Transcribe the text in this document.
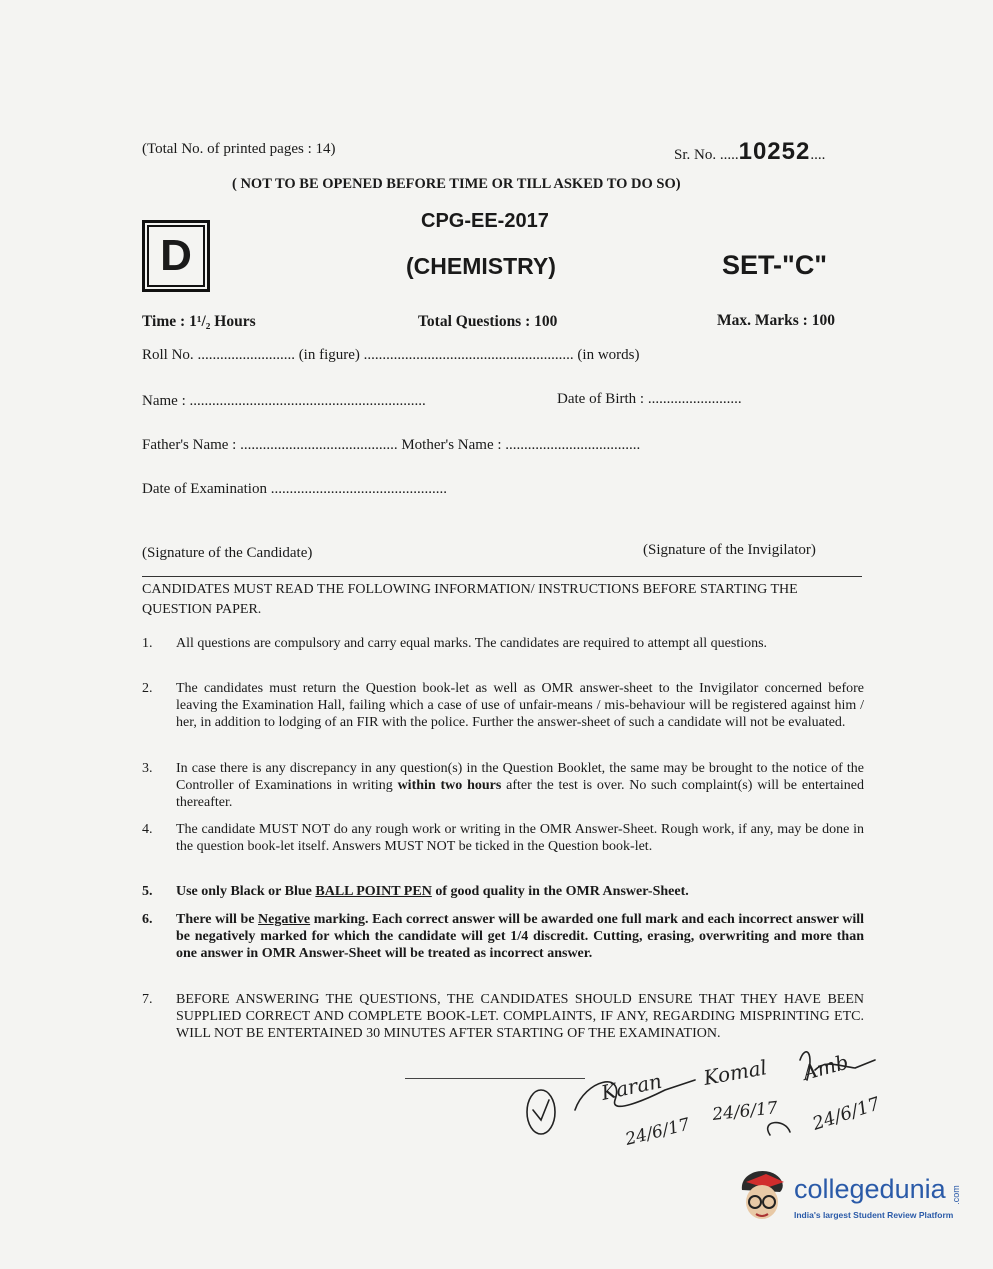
(Total No. of printed pages : 14)	Sr. No. .....10252....
( NOT TO BE OPENED BEFORE TIME OR TILL ASKED TO DO SO)
CPG-EE-2017
D	(CHEMISTRY)	SET-"C"
Time : 1¹/₂ Hours	Total Questions : 100	Max. Marks : 100
Roll No. .......................... (in figure) ........................................................ (in words)
Name : ...............................................................	Date of Birth : .........................
Father's Name : .......................................... Mother's Name : ....................................
Date of Examination ...............................................
(Signature of the Candidate)	(Signature of the Invigilator)
CANDIDATES MUST READ THE FOLLOWING INFORMATION/ INSTRUCTIONS BEFORE STARTING THE QUESTION PAPER.
1.	All questions are compulsory and carry equal marks. The candidates are required to attempt all questions.
2.	The candidates must return the Question book-let as well as OMR answer-sheet to the Invigilator concerned before leaving the Examination Hall, failing which a case of use of unfair-means / mis-behaviour will be registered against him / her, in addition to lodging of an FIR with the police. Further the answer-sheet of such a candidate will not be evaluated.
3.	In case there is any discrepancy in any question(s) in the Question Booklet, the same may be brought to the notice of the Controller of Examinations in writing within two hours after the test is over. No such complaint(s) will be entertained thereafter.
4.	The candidate MUST NOT do any rough work or writing in the OMR Answer-Sheet. Rough work, if any, may be done in the question book-let itself. Answers MUST NOT be ticked in the Question book-let.
5.	Use only Black or Blue BALL POINT PEN of good quality in the OMR Answer-Sheet.
6.	There will be Negative marking. Each correct answer will be awarded one full mark and each incorrect answer will be negatively marked for which the candidate will get 1/4 discredit. Cutting, erasing, overwriting and more than one answer in OMR Answer-Sheet will be treated as incorrect answer.
7.	BEFORE ANSWERING THE QUESTIONS, THE CANDIDATES SHOULD ENSURE THAT THEY HAVE BEEN SUPPLIED CORRECT AND COMPLETE BOOK-LET. COMPLAINTS, IF ANY, REGARDING MISPRINTING ETC. WILL NOT BE ENTERTAINED 30 MINUTES AFTER STARTING OF THE EXAMINATION.
Karan
24/6/17
Komal
24/6/17
Amb
24/6/17
collegedunia .com
India's largest Student Review Platform
